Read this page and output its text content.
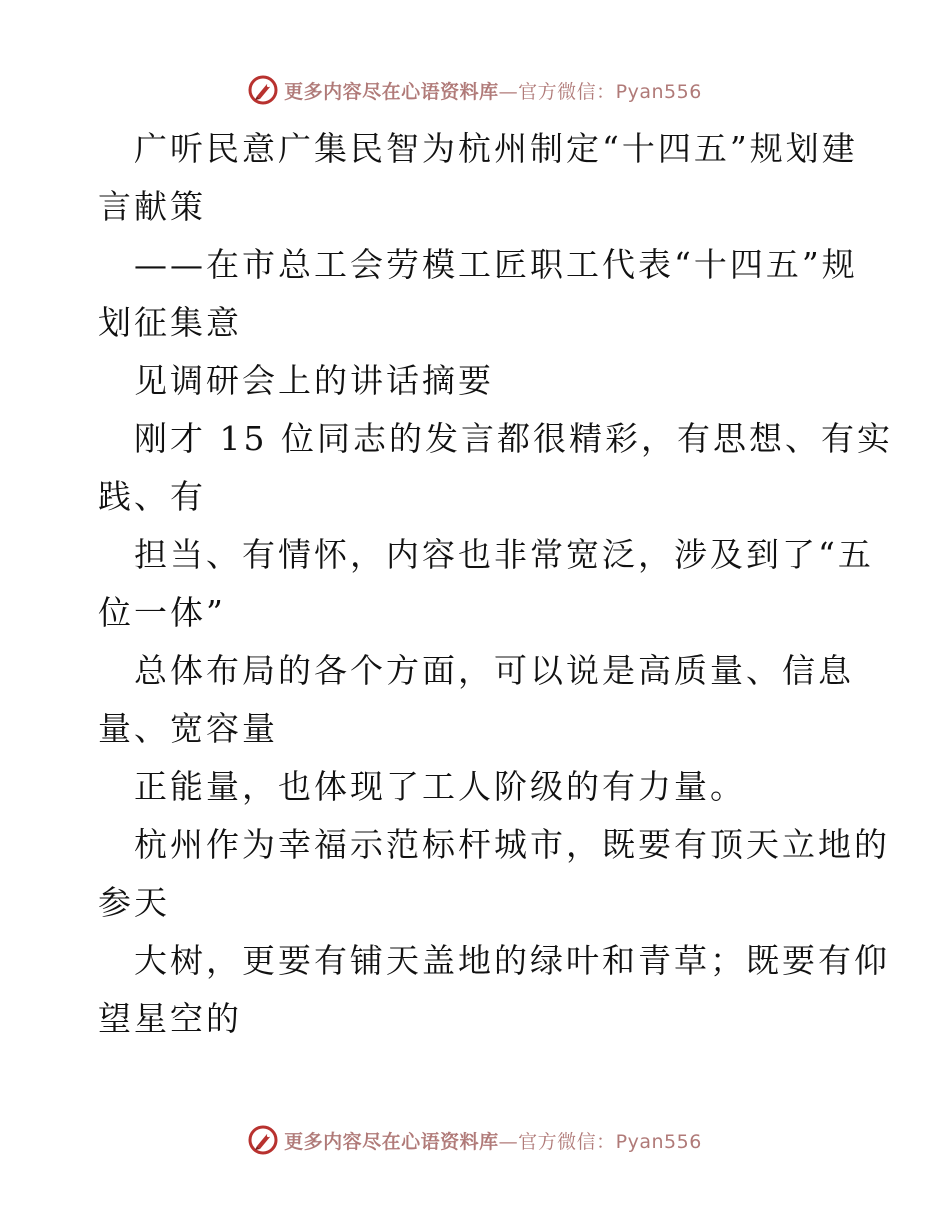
更多内容尽在心语资料库—官方微信：Pyan556
广听民意广集民智为杭州制定“十四五”规划建
言献策
——在市总工会劳模工匠职工代表“十四五”规
划征集意
见调研会上的讲话摘要
刚才 15 位同志的发言都很精彩，有思想、有实
践、有
担当、有情怀，内容也非常宽泛，涉及到了“五
位一体”
总体布局的各个方面，可以说是高质量、信息
量、宽容量
正能量，也体现了工人阶级的有力量。
杭州作为幸福示范标杆城市，既要有顶天立地的
参天
大树，更要有铺天盖地的绿叶和青草；既要有仰
望星空的
更多内容尽在心语资料库—官方微信：Pyan556
